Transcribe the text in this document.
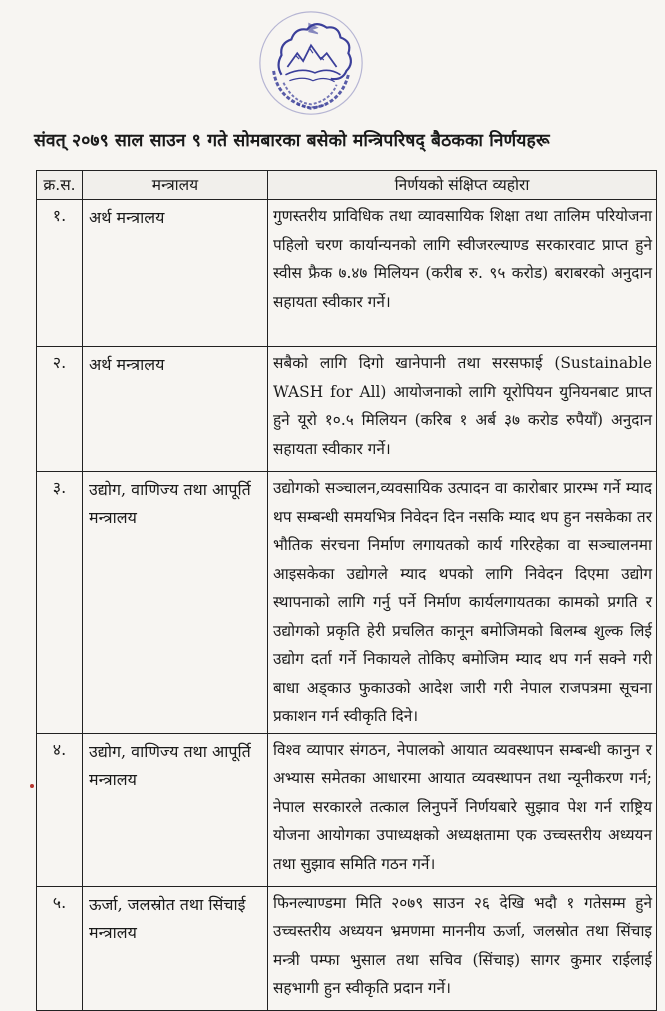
संवत् २०७९ साल साउन ९ गते सोमबारका बसेको मन्त्रिपरिषद् बैठकका निर्णयहरू
क्र.स.	मन्त्रालय	निर्णयको संक्षिप्त व्यहोरा
१.	अर्थ मन्त्रालय	गुणस्तरीय प्राविधिक तथा व्यावसायिक शिक्षा तथा तालिम परियोजना पहिलो चरण कार्यान्यनको लागि स्वीजरल्याण्ड सरकारवाट प्राप्त हुने स्वीस फ्रैक ७.४७ मिलियन (करीब रु. ९५ करोड) बराबरको अनुदान सहायता स्वीकार गर्ने।
२.	अर्थ मन्त्रालय	सबैको लागि दिगो खानेपानी तथा सरसफाई (Sustainable WASH for All) आयोजनाको लागि यूरोपियन युनियनबाट प्राप्त हुने यूरो १०.५ मिलियन (करिब १ अर्ब ३७ करोड रुपैयाँ) अनुदान सहायता स्वीकार गर्ने।
३.	उद्योग, वाणिज्य तथा आपूर्ति मन्त्रालय	उद्योगको सञ्चालन,व्यवसायिक उत्पादन वा कारोबार प्रारम्भ गर्ने म्याद थप सम्बन्धी समयभित्र निवेदन दिन नसकि म्याद थप हुन नसकेका तर भौतिक संरचना निर्माण लगायतको कार्य गरिरहेका वा सञ्चालनमा आइसकेका उद्योगले म्याद थपको लागि निवेदन दिएमा उद्योग स्थापनाको लागि गर्नु पर्ने निर्माण कार्यलगायतका कामको प्रगति र उद्योगको प्रकृति हेरी प्रचलित कानून बमोजिमको बिलम्ब शुल्क लिई उद्योग दर्ता गर्ने निकायले तोकिए बमोजिम म्याद थप गर्न सक्ने गरी बाधा अड्काउ फुकाउको आदेश जारी गरी नेपाल राजपत्रमा सूचना प्रकाशन गर्न स्वीकृति दिने।
४.	उद्योग, वाणिज्य तथा आपूर्ति मन्त्रालय	विश्व व्यापार संगठन, नेपालको आयात व्यवस्थापन सम्बन्धी कानुन र अभ्यास समेतका आधारमा आयात व्यवस्थापन तथा न्यूनीकरण गर्न; नेपाल सरकारले तत्काल लिनुपर्ने निर्णयबारे सुझाव पेश गर्न राष्ट्रिय योजना आयोगका उपाध्यक्षको अध्यक्षतामा एक उच्चस्तरीय अध्ययन तथा सुझाव समिति गठन गर्ने।
५.	ऊर्जा, जलस्रोत तथा सिंचाई मन्त्रालय	फिनल्याण्डमा मिति २०७९ साउन २६ देखि भदौ १ गतेसम्म हुने उच्चस्तरीय अध्ययन भ्रमणमा माननीय ऊर्जा, जलस्रोत तथा सिंचाइ मन्त्री पम्फा भुसाल तथा सचिव (सिंचाइ) सागर कुमार राईलाई सहभागी हुन स्वीकृति प्रदान गर्ने।
